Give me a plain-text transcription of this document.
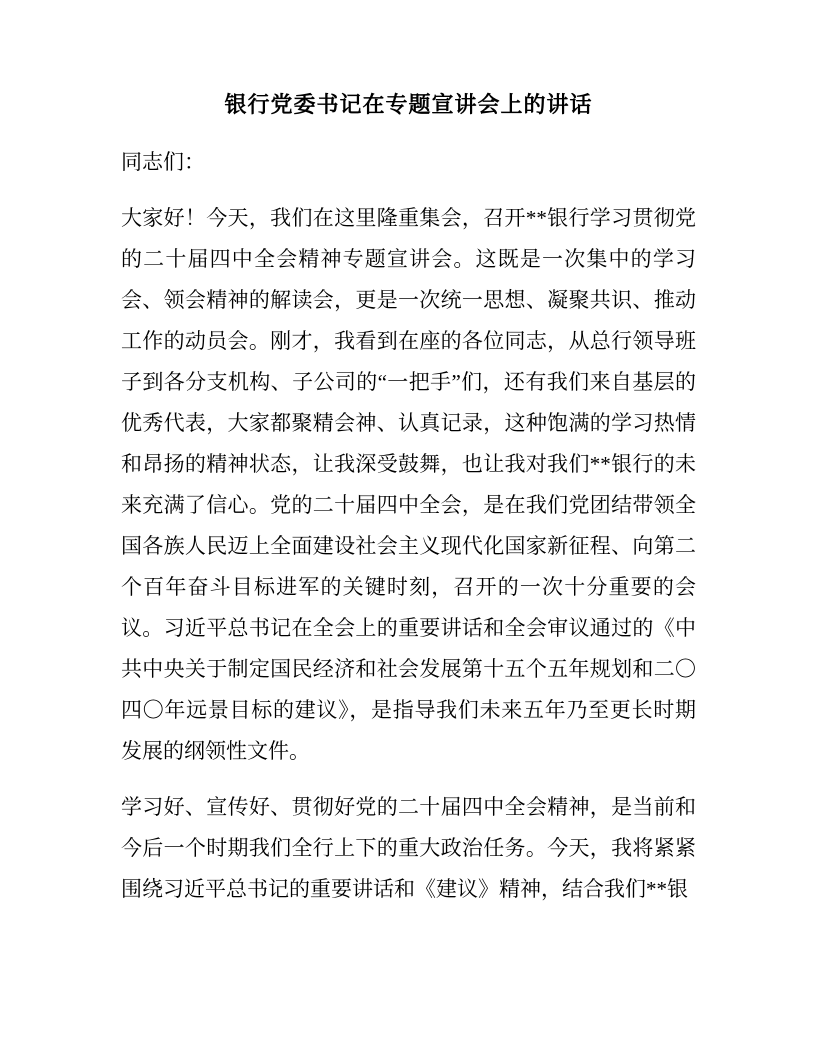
银行党委书记在专题宣讲会上的讲话

同志们：

大家好！今天，我们在这里隆重集会，召开**银行学习贯彻党的二十届四中全会精神专题宣讲会。这既是一次集中的学习会、领会精神的解读会，更是一次统一思想、凝聚共识、推动工作的动员会。刚才，我看到在座的各位同志，从总行领导班子到各分支机构、子公司的“一把手”们，还有我们来自基层的优秀代表，大家都聚精会神、认真记录，这种饱满的学习热情和昂扬的精神状态，让我深受鼓舞，也让我对我们**银行的未来充满了信心。党的二十届四中全会，是在我们党团结带领全国各族人民迈上全面建设社会主义现代化国家新征程、向第二个百年奋斗目标进军的关键时刻，召开的一次十分重要的会议。习近平总书记在全会上的重要讲话和全会审议通过的《中共中央关于制定国民经济和社会发展第十五个五年规划和二〇四〇年远景目标的建议》，是指导我们未来五年乃至更长时期发展的纲领性文件。

学习好、宣传好、贯彻好党的二十届四中全会精神，是当前和今后一个时期我们全行上下的重大政治任务。今天，我将紧紧围绕习近平总书记的重要讲话和《建议》精神，结合我们**银
